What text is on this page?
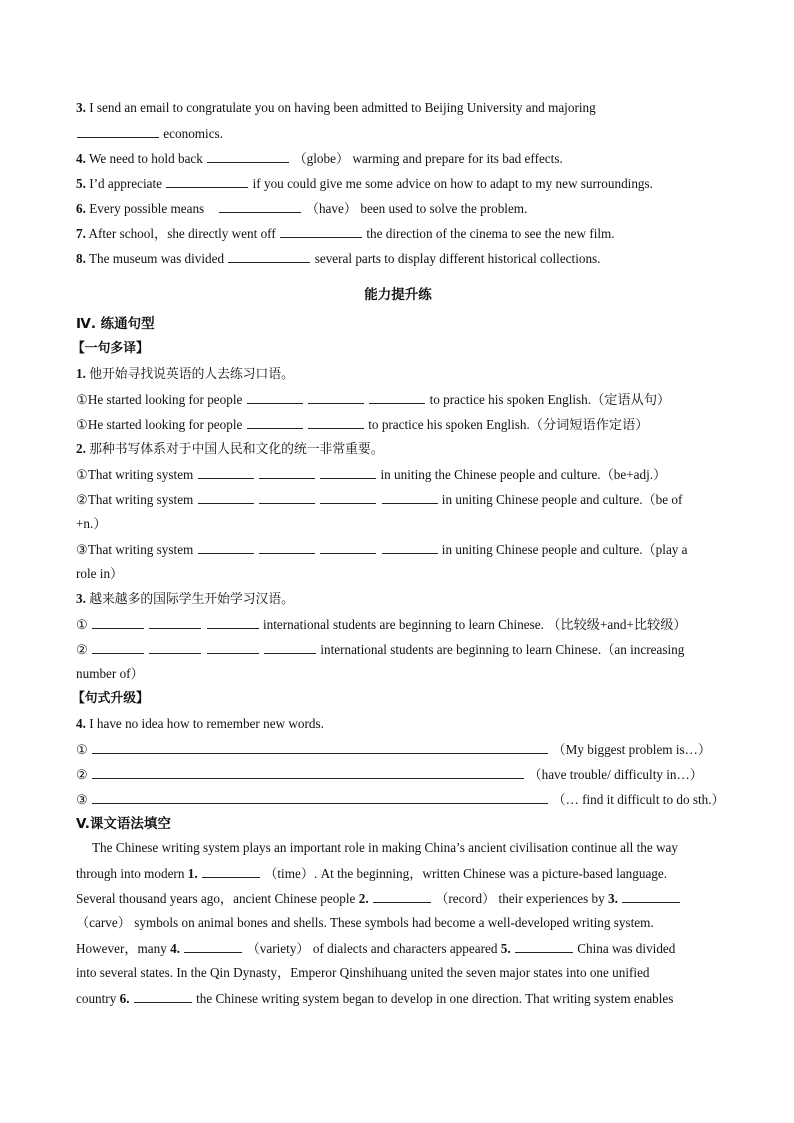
3. I send an email to congratulate you on having been admitted to Beijing University and majoring
economics.
4. We need to hold back	（globe） warming and prepare for its bad effects.
5. I’d appreciate	if you could give me some advice on how to adapt to my new surroundings.
6. Every possible means	（have） been used to solve the problem.
7. After school，she directly went off	the direction of the cinema to see the new film.
8. The museum was divided	several parts to display different historical collections.
能力提升练
Ⅳ. 练通句型
【一句多译】
1. 他开始寻找说英语的人去练习口语。
①He started looking for people	to practice his spoken English.（定语从句）
①He started looking for people	to practice his spoken English.（分词短语作定语）
2. 那种书写体系对于中国人民和文化的统一非常重要。
①That writing system	in uniting the Chinese people and culture.（be+adj.）
②That writing system	in uniting Chinese people and culture.（be of
+n.）
③That writing system	in uniting Chinese people and culture.（play a
role in）
3. 越来越多的国际学生开始学习汉语。
①	international students are beginning to learn Chinese. （比较级+and+比较级）
②	international students are beginning to learn Chinese.（an increasing
number of）
【句式升级】
4. I have no idea how to remember new words.
①	（My biggest problem is…）
②	（have trouble/ difficulty in…）
③	（… find it difficult to do sth.）
V.课文语法填空
The Chinese writing system plays an important role in making China’s ancient civilisation continue all the way
through into modern 1.	（time）. At the beginning，written Chinese was a picture-based language.
Several thousand years ago，ancient Chinese people 2.	（record） their experiences by 3.
（carve） symbols on animal bones and shells. These symbols had become a well-developed writing system.
However，many 4.	（variety） of dialects and characters appeared 5.	China was divided
into several states. In the Qin Dynasty，Emperor Qinshihuang united the seven major states into one unified
country 6.	the Chinese writing system began to develop in one direction. That writing system enables
